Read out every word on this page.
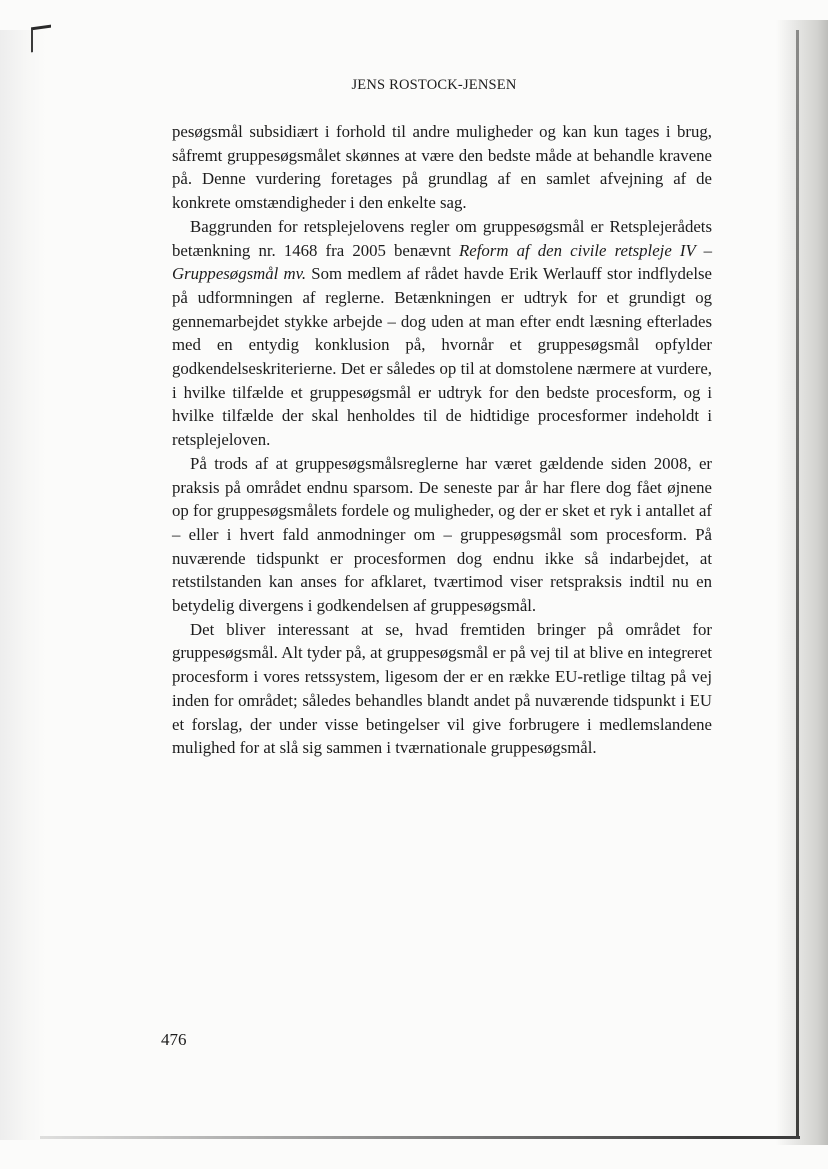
JENS ROSTOCK-JENSEN

pesøgsmål subsidiært i forhold til andre muligheder og kan kun tages i brug, såfremt gruppesøgsmålet skønnes at være den bedste måde at behandle kravene på. Denne vurdering foretages på grundlag af en samlet afvejning af de konkrete omstændigheder i den enkelte sag.

Baggrunden for retsplejelovens regler om gruppesøgsmål er Retsplejerådets betænkning nr. 1468 fra 2005 benævnt Reform af den civile retspleje IV – Gruppesøgsmål mv. Som medlem af rådet havde Erik Werlauff stor indflydelse på udformningen af reglerne. Betænkningen er udtryk for et grundigt og gennemarbejdet stykke arbejde – dog uden at man efter endt læsning efterlades med en entydig konklusion på, hvornår et gruppesøgsmål opfylder godkendelseskriterierne. Det er således op til at domstolene nærmere at vurdere, i hvilke tilfælde et gruppesøgsmål er udtryk for den bedste procesform, og i hvilke tilfælde der skal henholdes til de hidtidige procesformer indeholdt i retsplejeloven.

På trods af at gruppesøgsmålsreglerne har været gældende siden 2008, er praksis på området endnu sparsom. De seneste par år har flere dog fået øjnene op for gruppesøgsmålets fordele og muligheder, og der er sket et ryk i antallet af – eller i hvert fald anmodninger om – gruppesøgsmål som procesform. På nuværende tidspunkt er procesformen dog endnu ikke så indarbejdet, at retstilstanden kan anses for afklaret, tværtimod viser retspraksis indtil nu en betydelig divergens i godkendelsen af gruppesøgsmål.

Det bliver interessant at se, hvad fremtiden bringer på området for gruppesøgsmål. Alt tyder på, at gruppesøgsmål er på vej til at blive en integreret procesform i vores retssystem, ligesom der er en række EU-retlige tiltag på vej inden for området; således behandles blandt andet på nuværende tidspunkt i EU et forslag, der under visse betingelser vil give forbrugere i medlemslandene mulighed for at slå sig sammen i tværnationale gruppesøgsmål.

476
